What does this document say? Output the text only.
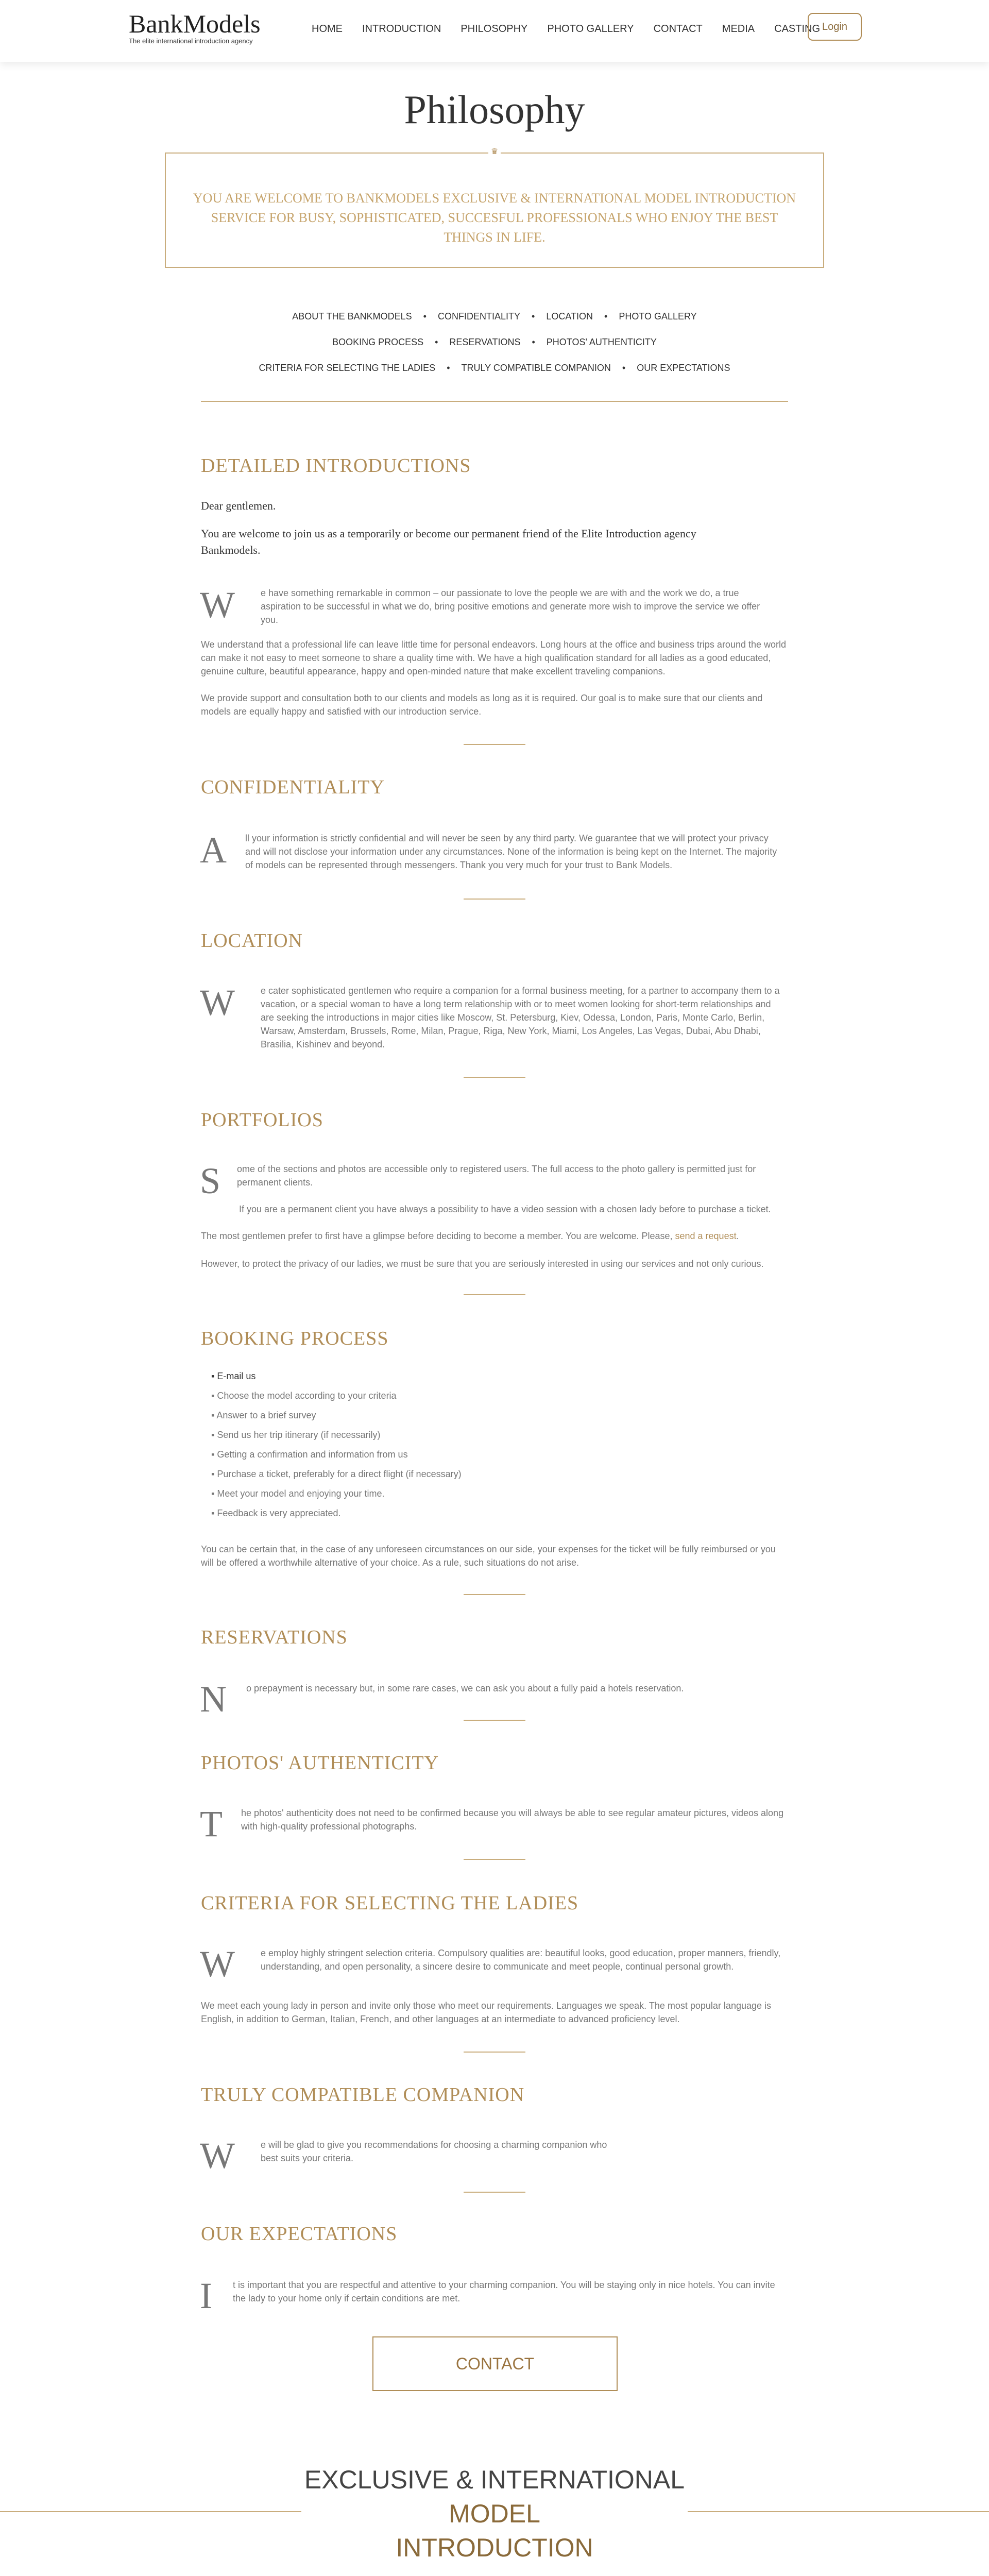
BankModels
The elite international introduction agency
HOME INTRODUCTION PHILOSOPHY PHOTO GALLERY CONTACT MEDIA CASTING Login
Philosophy
♛
YOU ARE WELCOME TO BANKMODELS EXCLUSIVE & INTERNATIONAL MODEL INTRODUCTION SERVICE FOR BUSY, SOPHISTICATED, SUCCESFUL PROFESSIONALS WHO ENJOY THE BEST THINGS IN LIFE.
ABOUT THE BANKMODELS • CONFIDENTIALITY • LOCATION • PHOTO GALLERY
BOOKING PROCESS • RESERVATIONS • PHOTOS' AUTHENTICITY
CRITERIA FOR SELECTING THE LADIES • TRULY COMPATIBLE COMPANION • OUR EXPECTATIONS
DETAILED INTRODUCTIONS
Dear gentlemen.
You are welcome to join us as a temporarily or become our permanent friend of the Elite Introduction agency Bankmodels.
W	e have something remarkable in common – our passionate to love the people we are with and the work we do, a true aspiration to be successful in what we do, bring positive emotions and generate more wish to improve the service we offer you.
We understand that a professional life can leave little time for personal endeavors. Long hours at the office and business trips around the world can make it not easy to meet someone to share a quality time with. We have a high qualification standard for all ladies as a good educated, genuine culture, beautiful appearance, happy and open-minded nature that make excellent traveling companions.
We provide support and consultation both to our clients and models as long as it is required. Our goal is to make sure that our clients and models are equally happy and satisfied with our introduction service.
CONFIDENTIALITY
A ll your information is strictly confidential and will never be seen by any third party. We guarantee that we will protect your privacy and will not disclose your information under any circumstances. None of the information is being kept on the Internet. The majority of models can be represented through messengers. Thank you very much for your trust to Bank Models.
LOCATION
W	e cater sophisticated gentlemen who require a companion for a formal business meeting, for a partner to accompany them to a vacation, or a special woman to have a long term relationship with or to meet women looking for short-term relationships and are seeking the introductions in major cities like Moscow, St. Petersburg, Kiev, Odessa, London, Paris, Monte Carlo, Berlin, Warsaw, Amsterdam, Brussels, Rome, Milan, Prague, Riga, New York, Miami, Los Angeles, Las Vegas, Dubai, Abu Dhabi, Brasilia, Kishinev and beyond.
PORTFOLIOS
S ome of the sections and photos are accessible only to registered users. The full access to the photo gallery is permitted just for permanent clients.
If you are a permanent client you have always a possibility to have a video session with a chosen lady before to purchase a ticket.
The most gentlemen prefer to first have a glimpse before deciding to become a member. You are welcome. Please, send a request.
However, to protect the privacy of our ladies, we must be sure that you are seriously interested in using our services and not only curious.
BOOKING PROCESS
▪ E-mail us
▪ Choose the model according to your criteria
▪ Answer to a brief survey
▪ Send us her trip itinerary (if necessarily)
▪ Getting a confirmation and information from us
▪ Purchase a ticket, preferably for a direct flight (if necessary)
▪ Meet your model and enjoying your time.
▪ Feedback is very appreciated.
You can be certain that, in the case of any unforeseen circumstances on our side, your expenses for the ticket will be fully reimbursed or you will be offered a worthwhile alternative of your choice. As a rule, such situations do not arise.
RESERVATIONS
N o prepayment is necessary but, in some rare cases, we can ask you about a fully paid a hotels reservation.
PHOTOS' AUTHENTICITY
T he photos' authenticity does not need to be confirmed because you will always be able to see regular amateur pictures, videos along with high-quality professional photographs.
CRITERIA FOR SELECTING THE LADIES
W	e employ highly stringent selection criteria. Compulsory qualities are: beautiful looks, good education, proper manners, friendly, understanding, and open personality, a sincere desire to communicate and meet people, continual personal growth.
We meet each young lady in person and invite only those who meet our requirements. Languages we speak. The most popular language is English, in addition to German, Italian, French, and other languages at an intermediate to advanced proficiency level.
TRULY COMPATIBLE COMPANION
W	e will be glad to give you recommendations for choosing a charming companion who best suits your criteria.
OUR EXPECTATIONS
I t is important that you are respectful and attentive to your charming companion. You will be staying only in nice hotels. You can invite the lady to your home only if certain conditions are met.
CONTACT
EXCLUSIVE & INTERNATIONAL
MODEL
INTRODUCTION
